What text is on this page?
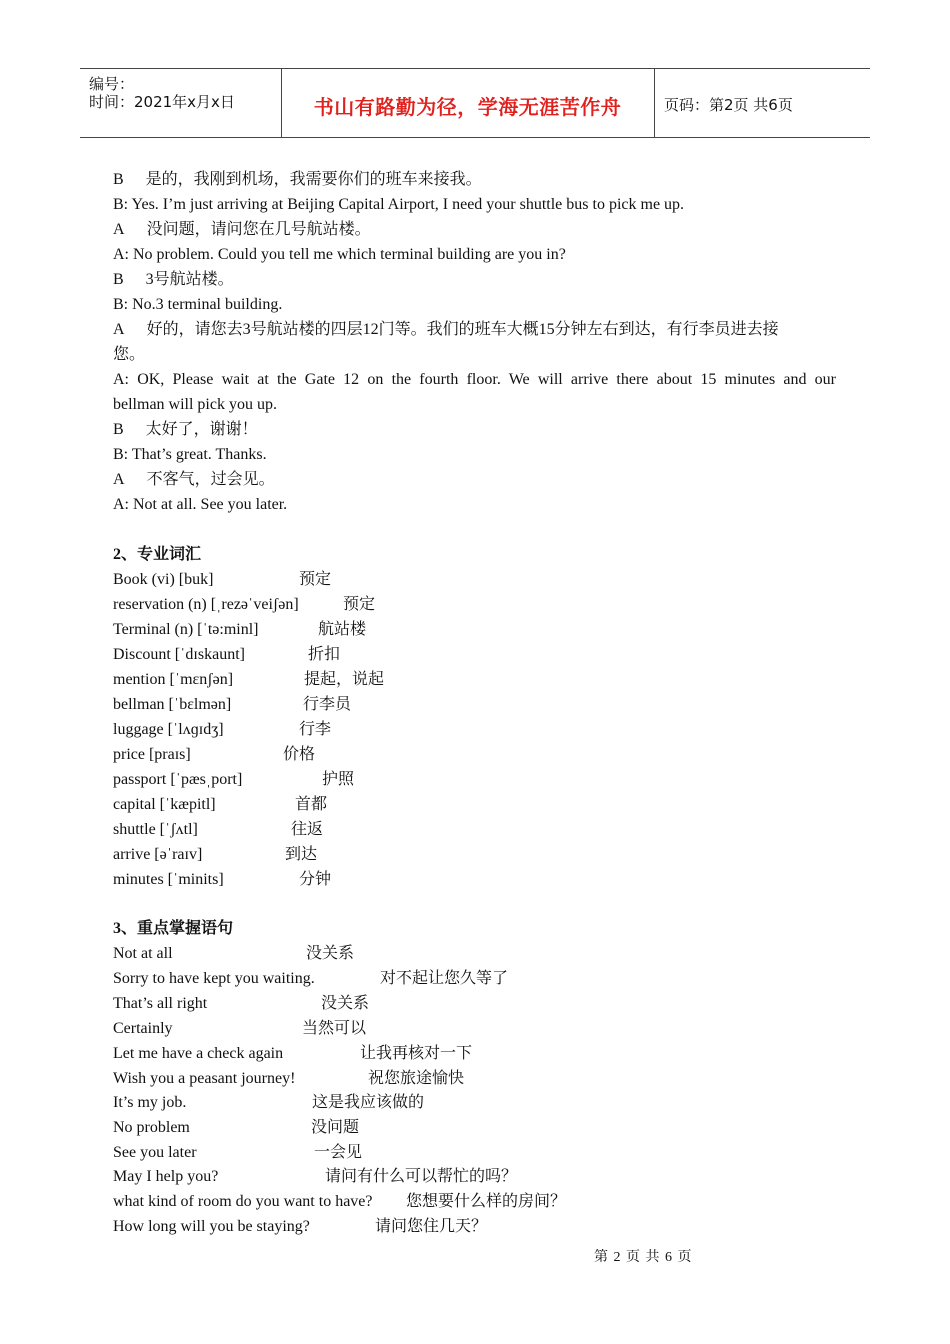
编号：
时间：2021年x月x日	书山有路勤为径，学海无涯苦作舟	页码：第2页 共6页
B 是的，我刚到机场，我需要你们的班车来接我。
B: Yes. I’m just arriving at Beijing Capital Airport, I need your shuttle bus to pick me up.
A 没问题，请问您在几号航站楼。
A: No problem. Could you tell me which terminal building are you in?
B 3号航站楼。
B: No.3 terminal building.
A 好的，请您去3号航站楼的四层12门等。我们的班车大概15分钟左右到达，有行李员进去接
您。
A: OK, Please wait at the Gate 12 on the fourth floor. We will arrive there about 15 minutes and our
bellman will pick you up.
B 太好了，谢谢！
B: That’s great. Thanks.
A 不客气，过会见。
A: Not at all. See you later.
2、专业词汇
Book (vi) [buk]	预定
reservation (n) [ˌrezəˈveiʃən]	预定
Terminal (n) [ˈtə:minl]	航站楼
Discount [ˈdɪskaunt]	折扣
mention [ˈmɛnʃən]	提起，说起
bellman [ˈbɛlmən]	行李员
luggage [ˈlʌɡɪdʒ]	行李
price [praɪs]	价格
passport [ˈpæsˌport]	护照
capital [ˈkæpitl]	首都
shuttle [ˈʃʌtl]	往返
arrive [əˈraɪv]	到达
minutes [ˈminits]	分钟
3、重点掌握语句
Not at all	没关系
Sorry to have kept you waiting.	对不起让您久等了
That’s all right	没关系
Certainly	当然可以
Let me have a check again	让我再核对一下
Wish you a peasant journey!	祝您旅途愉快
It’s my job.	这是我应该做的
No problem	没问题
See you later	一会见
May I help you?	请问有什么可以帮忙的吗？
what kind of room do you want to have? 您想要什么样的房间？
How long will you be staying?	请问您住几天？
第 2 页 共 6 页
